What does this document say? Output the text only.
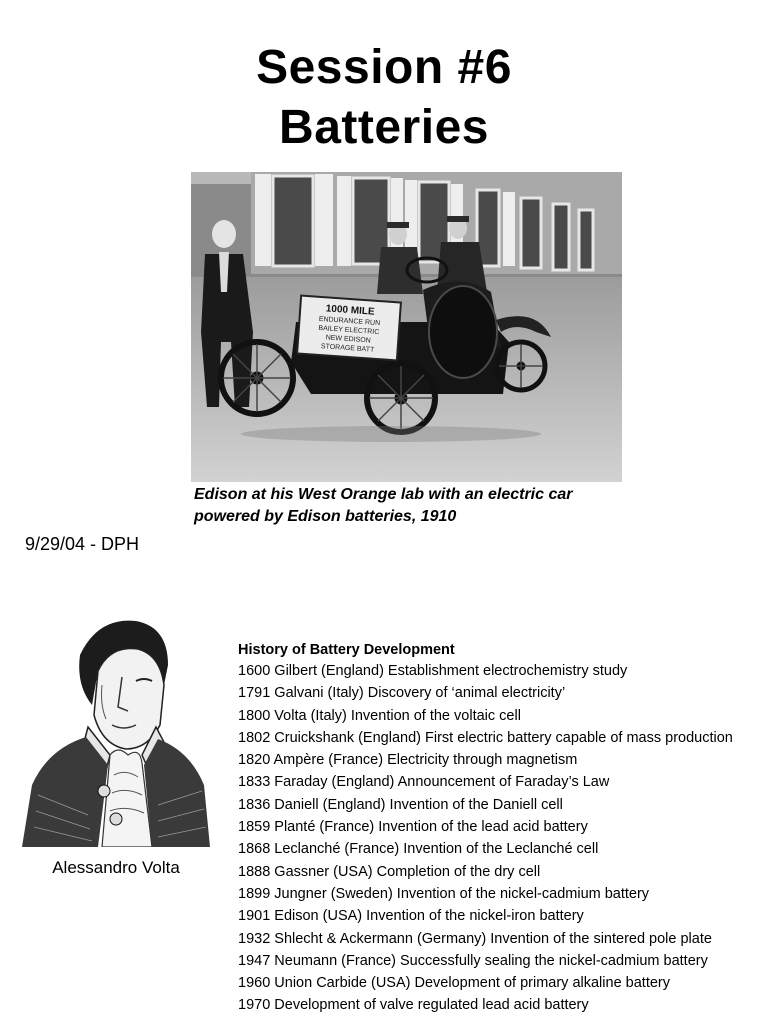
Session #6
Batteries
1000 MILE
ENDURANCE RUN
BAILEY ELECTRIC
NEW EDISON
STORAGE BATT
Edison at his West Orange lab with an electric car
powered by Edison batteries, 1910
9/29/04 - DPH
Alessandro Volta
History of Battery Development
1600 Gilbert (England) Establishment electrochemistry study
1791 Galvani (Italy) Discovery of ‘animal electricity’
1800 Volta (Italy) Invention of the voltaic cell
1802 Cruickshank (England) First electric battery capable of mass production
1820 Ampère (France) Electricity through magnetism
1833 Faraday (England) Announcement of Faraday’s Law
1836 Daniell (England) Invention of the Daniell cell
1859 Planté (France) Invention of the lead acid battery
1868 Leclanché (France) Invention of the Leclanché cell
1888 Gassner (USA) Completion of the dry cell
1899 Jungner (Sweden) Invention of the nickel-cadmium battery
1901 Edison (USA) Invention of the nickel-iron battery
1932 Shlecht & Ackermann (Germany) Invention of the sintered pole plate
1947 Neumann (France) Successfully sealing the nickel-cadmium battery
1960 Union Carbide (USA) Development of primary alkaline battery
1970 Development of valve regulated lead acid battery
